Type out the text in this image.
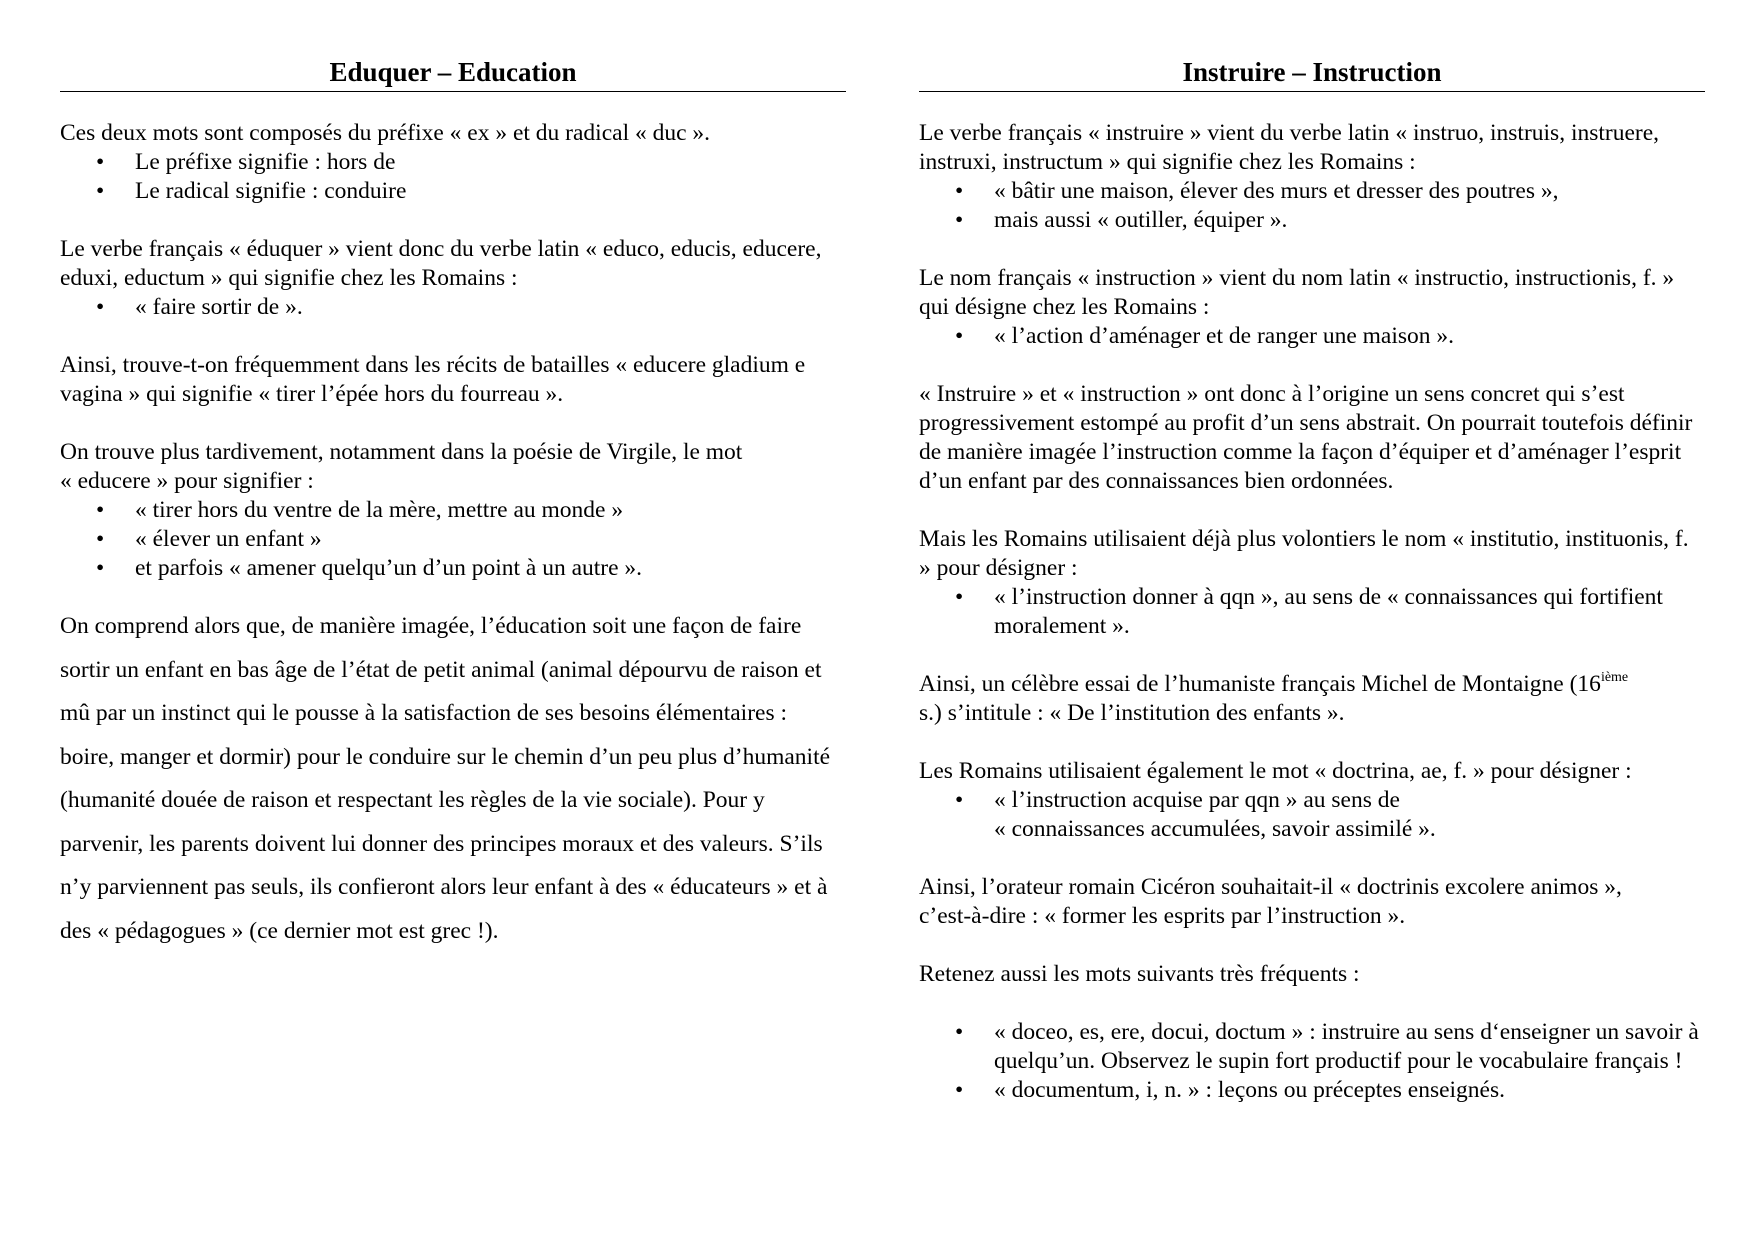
Eduquer – Education

Ces deux mots sont composés du préfixe « ex » et du radical « duc ».

• Le préfixe signifie : hors de
• Le radical signifie : conduire

Le verbe français « éduquer » vient donc du verbe latin « educo, educis, educere, eduxi, eductum » qui signifie chez les Romains :

• « faire sortir de ».

Ainsi, trouve-t-on fréquemment dans les récits de batailles « educere gladium e vagina » qui signifie « tirer l’épée hors du fourreau ».

On trouve plus tardivement, notamment dans la poésie de Virgile, le mot

« educere » pour signifier :

• « tirer hors du ventre de la mère, mettre au monde »
• « élever un enfant »
• et parfois « amener quelqu’un d’un point à un autre ».

On comprend alors que, de manière imagée, l’éducation soit une façon de faire sortir un enfant en bas âge de l’état de petit animal (animal dépourvu de raison et mû par un instinct qui le pousse à la satisfaction de ses besoins élémentaires : boire, manger et dormir) pour le conduire sur le chemin d’un peu plus d’humanité (humanité douée de raison et respectant les règles de la vie sociale). Pour y parvenir, les parents doivent lui donner des principes moraux et des valeurs. S’ils n’y parviennent pas seuls, ils confieront alors leur enfant à des « éducateurs » et à des « pédagogues » (ce dernier mot est grec !).

Instruire – Instruction

Le verbe français « instruire » vient du verbe latin « instruo, instruis, instruere, instruxi, instructum » qui signifie chez les Romains :

• « bâtir une maison, élever des murs et dresser des poutres »,
• mais aussi « outiller, équiper ».

Le nom français « instruction » vient du nom latin « instructio, instructionis, f. » qui désigne chez les Romains :

• « l’action d’aménager et de ranger une maison ».

« Instruire » et « instruction » ont donc à l’origine un sens concret qui s’est progressivement estompé au profit d’un sens abstrait. On pourrait toutefois définir de manière imagée l’instruction comme la façon d’équiper et d’aménager l’esprit d’un enfant par des connaissances bien ordonnées.

Mais les Romains utilisaient déjà plus volontiers le nom « institutio, instituonis, f. » pour désigner :

• « l’instruction donner à qqn », au sens de « connaissances qui fortifient moralement ».

Ainsi, un célèbre essai de l’humaniste français Michel de Montaigne (16ième
s.) s’intitule : « De l’institution des enfants ».

Les Romains utilisaient également le mot « doctrina, ae, f. » pour désigner :

• « l’instruction acquise par qqn » au sens de
« connaissances accumulées, savoir assimilé ».

Ainsi, l’orateur romain Cicéron souhaitait-il « doctrinis excolere animos »,

c’est-à-dire : « former les esprits par l’instruction ».

Retenez aussi les mots suivants très fréquents :

• « doceo, es, ere, docui, doctum » : instruire au sens d‘enseigner un savoir à quelqu’un. Observez le supin fort productif pour le vocabulaire français !
• « documentum, i, n. » : leçons ou préceptes enseignés.
